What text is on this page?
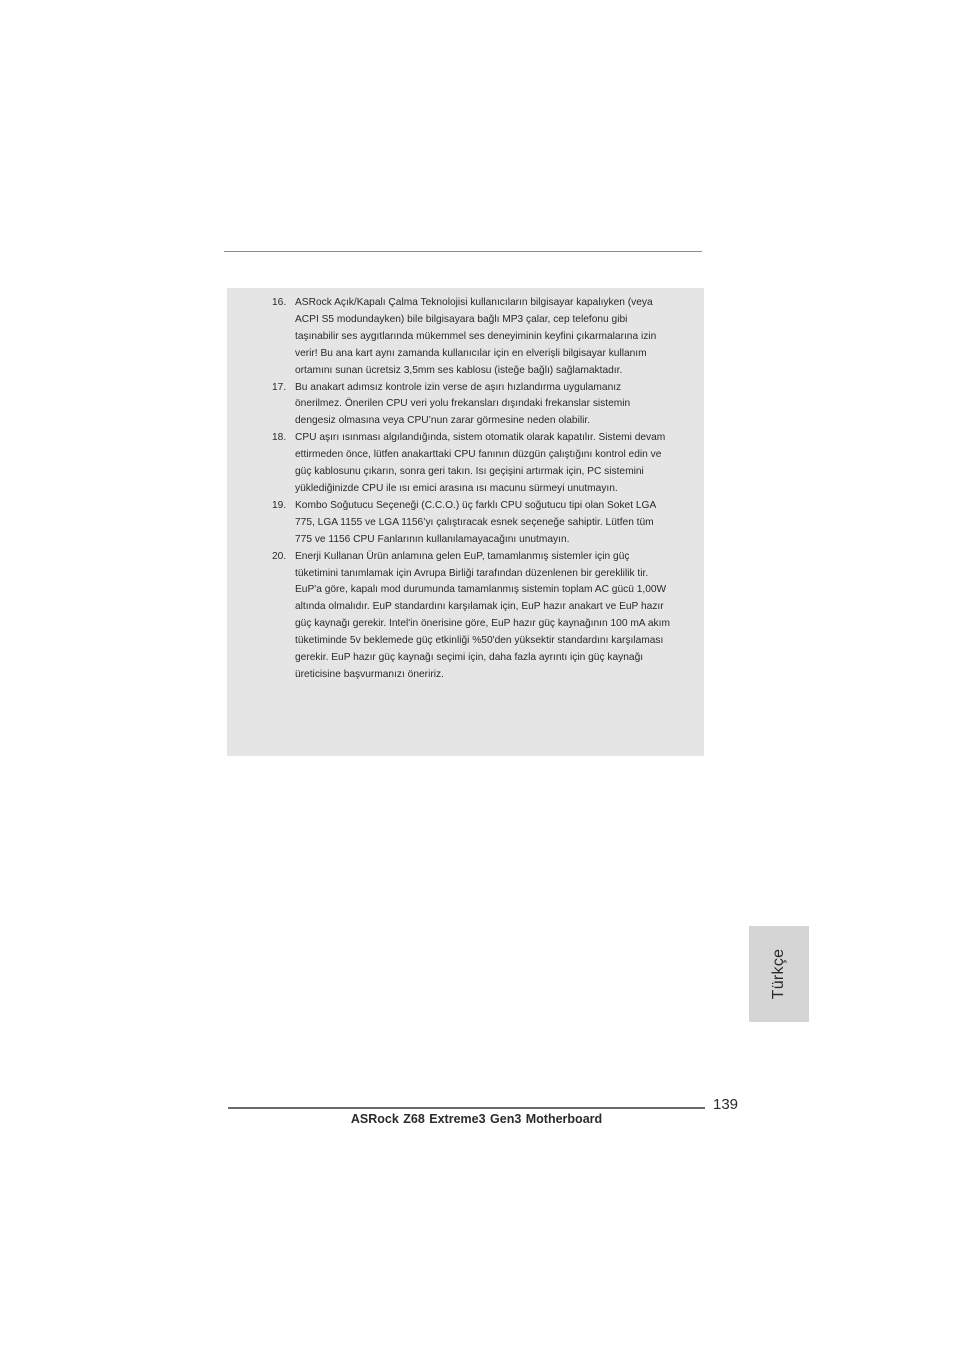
16. ASRock Açık/Kapalı Çalma Teknolojisi kullanıcıların bilgisayar kapalıyken (veya ACPI S5 modundayken) bile bilgisayara bağlı MP3 çalar, cep telefonu gibi taşınabilir ses aygıtlarında mükemmel ses deneyiminin keyfini çıkarmalarına izin verir! Bu ana kart aynı zamanda kullanıcılar için en elverişli bilgisayar kullanım ortamını sunan ücretsiz 3,5mm ses kablosu (isteğe bağlı) sağlamaktadır.
17. Bu anakart adımsız kontrole izin verse de aşırı hızlandırma uygulamanız önerilmez. Önerilen CPU veri yolu frekansları dışındaki frekanslar sistemin dengesiz olmasına veya CPU’nun zarar görmesine neden olabilir.
18. CPU aşırı ısınması algılandığında, sistem otomatik olarak kapatılır. Sistemi devam ettirmeden önce, lütfen anakarttaki CPU fanının düzgün çalıştığını kontrol edin ve güç kablosunu çıkarın, sonra geri takın. Isı geçişini artırmak için, PC sistemini yüklediğinizde CPU ile ısı emici arasına ısı macunu sürmeyi unutmayın.
19. Kombo Soğutucu Seçeneği (C.C.O.) üç farklı CPU soğutucu tipi olan Soket LGA 775, LGA 1155 ve LGA 1156’yı çalıştıracak esnek seçeneğe sahiptir. Lütfen tüm 775 ve 1156 CPU Fanlarının kullanılamayacağını unutmayın.
20. Enerji Kullanan Ürün anlamına gelen EuP, tamamlanmış sistemler için güç tüketimini tanımlamak için Avrupa Birliği tarafından düzenlenen bir gereklilik tir. EuP'a göre, kapalı mod durumunda tamamlanmış sistemin toplam AC gücü 1,00W altında olmalıdır. EuP standardını karşılamak için, EuP hazır anakart ve EuP hazır güç kaynağı gerekir. Intel'in önerisine göre, EuP hazır güç kaynağının 100 mA akım tüketiminde 5v beklemede güç etkinliği %50'den yüksektir standardını karşılaması gerekir. EuP hazır güç kaynağı seçimi için, daha fazla ayrıntı için güç kaynağı üreticisine başvurmanızı öneririz.
Türkçe
139
ASRock Z68 Extreme3 Gen3 Motherboard
